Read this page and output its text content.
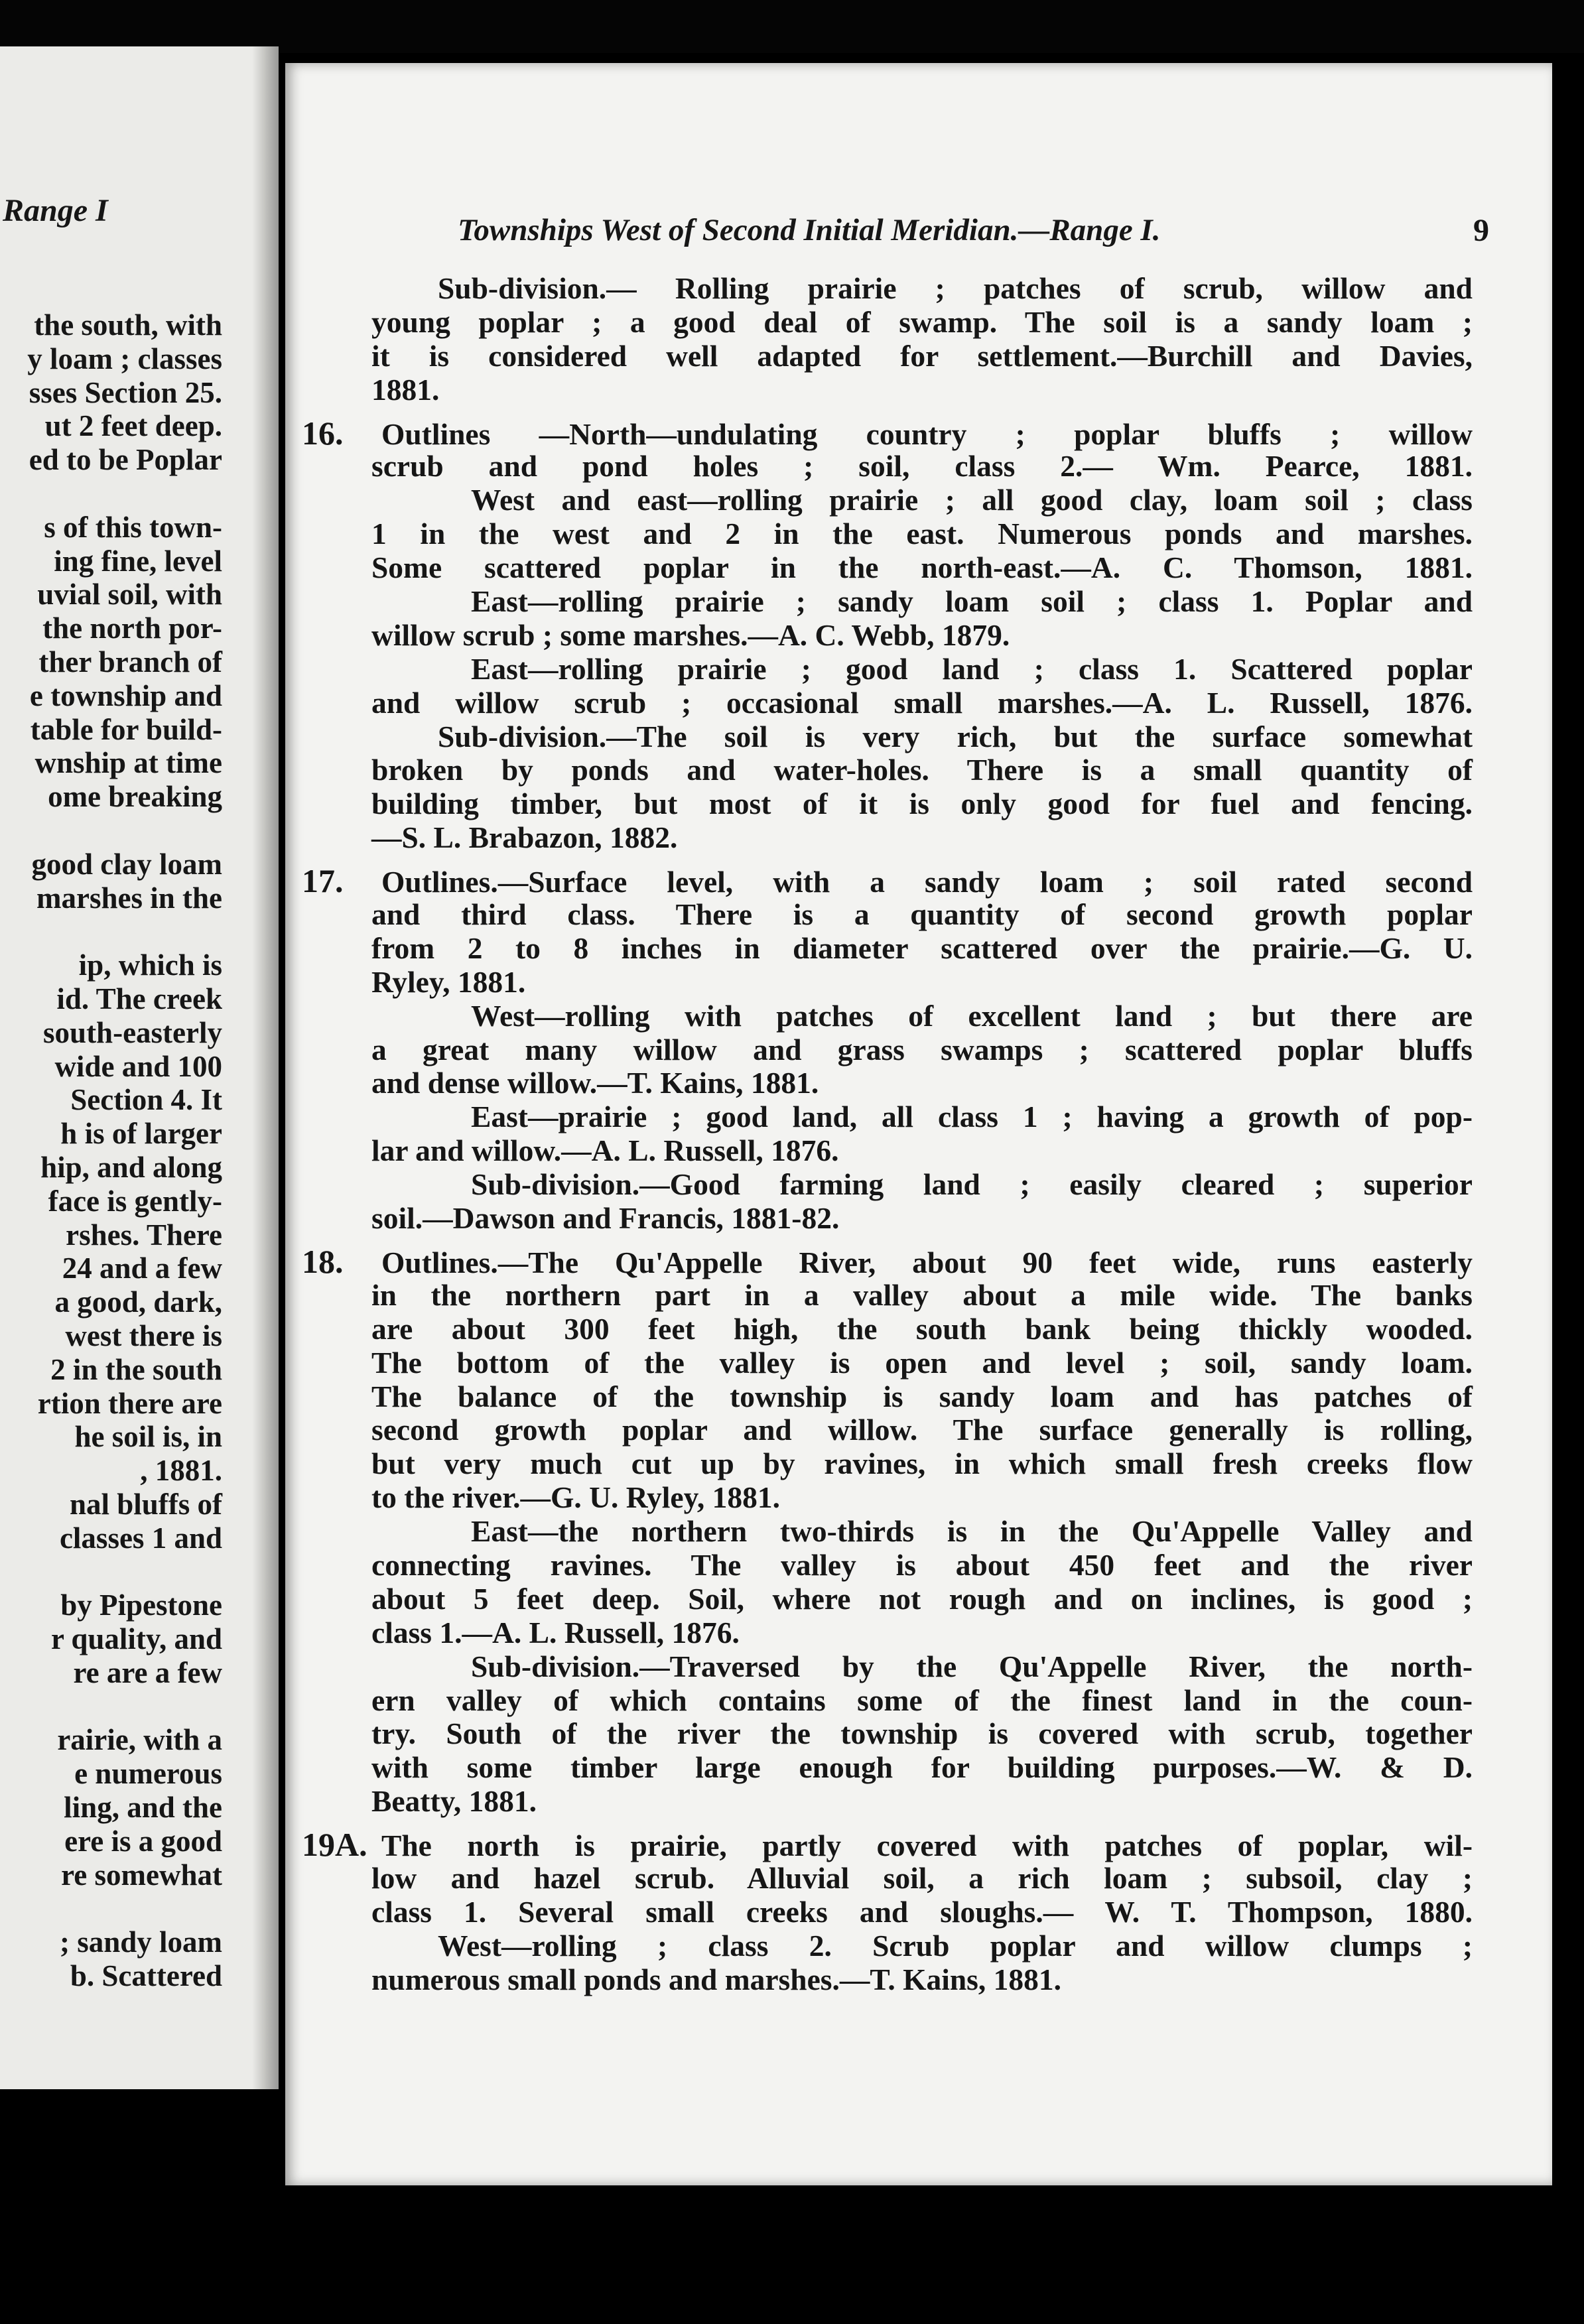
Range I
the south, with
y loam ; classes
sses Section 25.
ut 2 feet deep.
ed to be Poplar
s of this town-
ing fine, level
uvial soil, with
the north por-
ther branch of
e township and
table for build-
wnship at time
ome breaking
good clay loam
marshes in the
ip, which is
id. The creek
south-easterly
wide and 100
Section 4. It
h is of larger
hip, and along
face is gently-
rshes. There
24 and a few
a good, dark,
west there is
2 in the south
rtion there are
he soil is, in
, 1881.
nal bluffs of
classes 1 and
by Pipestone
r quality, and
re are a few
rairie, with a
e numerous
ling, and the
ere is a good
re somewhat
; sandy loam
b. Scattered
Townships West of Second Initial Meridian.—Range I.	9
Sub-division.— Rolling prairie ; patches of scrub, willow and
young poplar ; a good deal of swamp. The soil is a sandy loam ;
it is considered well adapted for settlement.—Burchill and Davies,
1881.
16. Outlines —North—undulating country ; poplar bluffs ; willow
scrub and pond holes ; soil, class 2.— Wm. Pearce, 1881.
West and east—rolling prairie ; all good clay, loam soil ; class
1 in the west and 2 in the east. Numerous ponds and marshes.
Some scattered poplar in the north-east.—A. C. Thomson, 1881.
East—rolling prairie ; sandy loam soil ; class 1. Poplar and
willow scrub ; some marshes.—A. C. Webb, 1879.
East—rolling prairie ; good land ; class 1. Scattered poplar
and willow scrub ; occasional small marshes.—A. L. Russell, 1876.
Sub-division.—The soil is very rich, but the surface somewhat
broken by ponds and water-holes. There is a small quantity of
building timber, but most of it is only good for fuel and fencing.
—S. L. Brabazon, 1882.
17. Outlines.—Surface level, with a sandy loam ; soil rated second
and third class. There is a quantity of second growth poplar
from 2 to 8 inches in diameter scattered over the prairie.—G. U.
Ryley, 1881.
West—rolling with patches of excellent land ; but there are
a great many willow and grass swamps ; scattered poplar bluffs
and dense willow.—T. Kains, 1881.
East—prairie ; good land, all class 1 ; having a growth of pop-
lar and willow.—A. L. Russell, 1876.
Sub-division.—Good farming land ; easily cleared ; superior
soil.—Dawson and Francis, 1881-82.
18. Outlines.—The Qu'Appelle River, about 90 feet wide, runs easterly
in the northern part in a valley about a mile wide. The banks
are about 300 feet high, the south bank being thickly wooded.
The bottom of the valley is open and level ; soil, sandy loam.
The balance of the township is sandy loam and has patches of
second growth poplar and willow. The surface generally is rolling,
but very much cut up by ravines, in which small fresh creeks flow
to the river.—G. U. Ryley, 1881.
East—the northern two-thirds is in the Qu'Appelle Valley and
connecting ravines. The valley is about 450 feet and the river
about 5 feet deep. Soil, where not rough and on inclines, is good ;
class 1.—A. L. Russell, 1876.
Sub-division.—Traversed by the Qu'Appelle River, the north-
ern valley of which contains some of the finest land in the coun-
try. South of the river the township is covered with scrub, together
with some timber large enough for building purposes.—W. & D.
Beatty, 1881.
19A. The north is prairie, partly covered with patches of poplar, wil-
low and hazel scrub. Alluvial soil, a rich loam ; subsoil, clay ;
class 1. Several small creeks and sloughs.— W. T. Thompson, 1880.
West—rolling ; class 2. Scrub poplar and willow clumps ;
numerous small ponds and marshes.—T. Kains, 1881.
